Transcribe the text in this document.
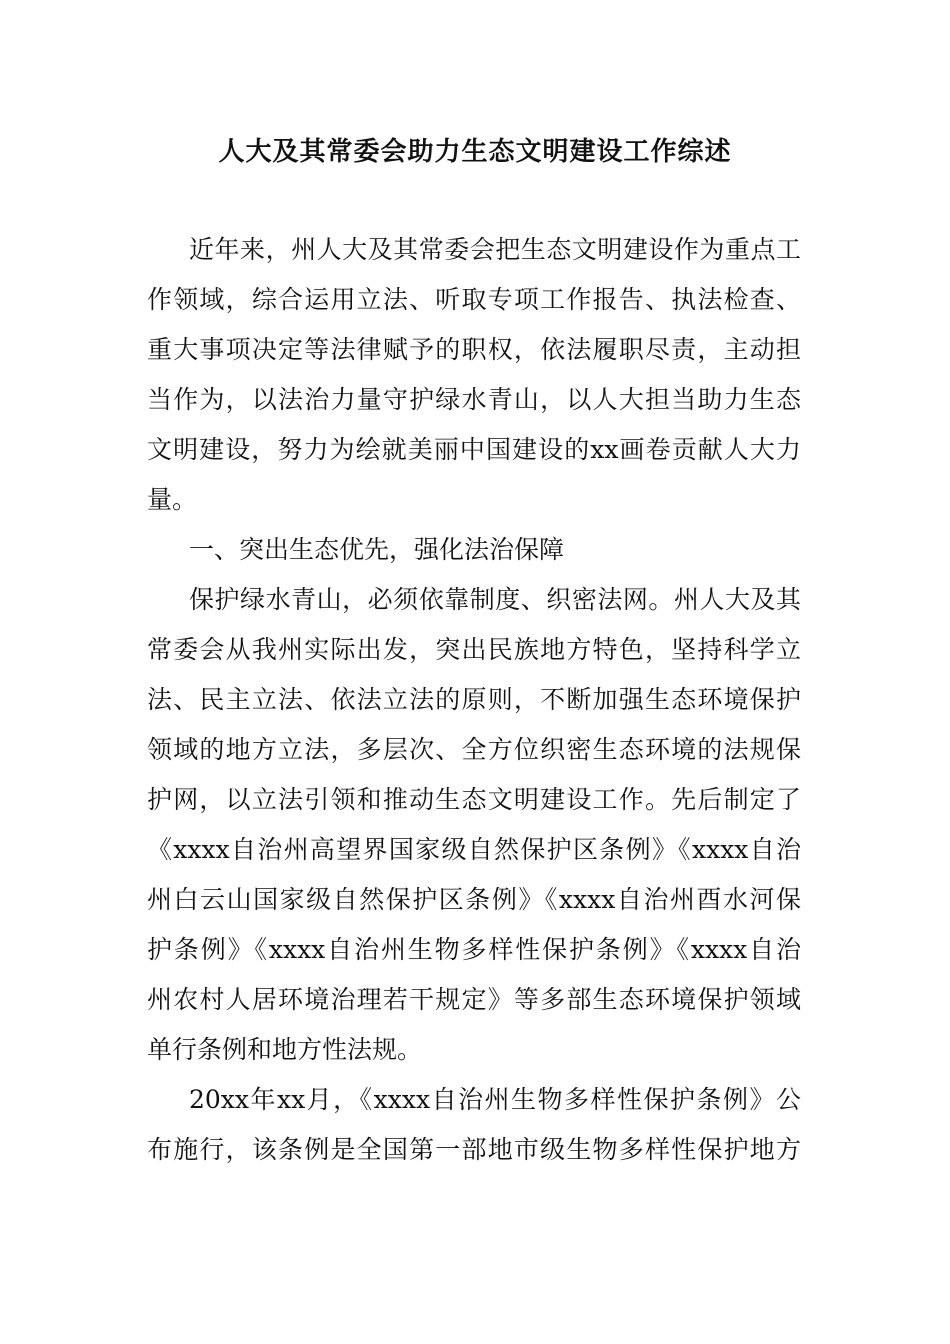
人大及其常委会助力生态文明建设工作综述
近年来，州人大及其常委会把生态文明建设作为重点工
作领域，综合运用立法、听取专项工作报告、执法检查、
重大事项决定等法律赋予的职权，依法履职尽责，主动担
当作为，以法治力量守护绿水青山，以人大担当助力生态
文明建设，努力为绘就美丽中国建设的xx画卷贡献人大力
量。
一、突出生态优先，强化法治保障
保护绿水青山，必须依靠制度、织密法网。州人大及其
常委会从我州实际出发，突出民族地方特色，坚持科学立
法、民主立法、依法立法的原则，不断加强生态环境保护
领域的地方立法，多层次、全方位织密生态环境的法规保
护网，以立法引领和推动生态文明建设工作。先后制定了
《xxxx自治州高望界国家级自然保护区条例》《xxxx自治
州白云山国家级自然保护区条例》《xxxx自治州酉水河保
护条例》《xxxx自治州生物多样性保护条例》《xxxx自治
州农村人居环境治理若干规定》等多部生态环境保护领域
单行条例和地方性法规。
20xx年xx月，《xxxx自治州生物多样性保护条例》公
布施行，该条例是全国第一部地市级生物多样性保护地方
